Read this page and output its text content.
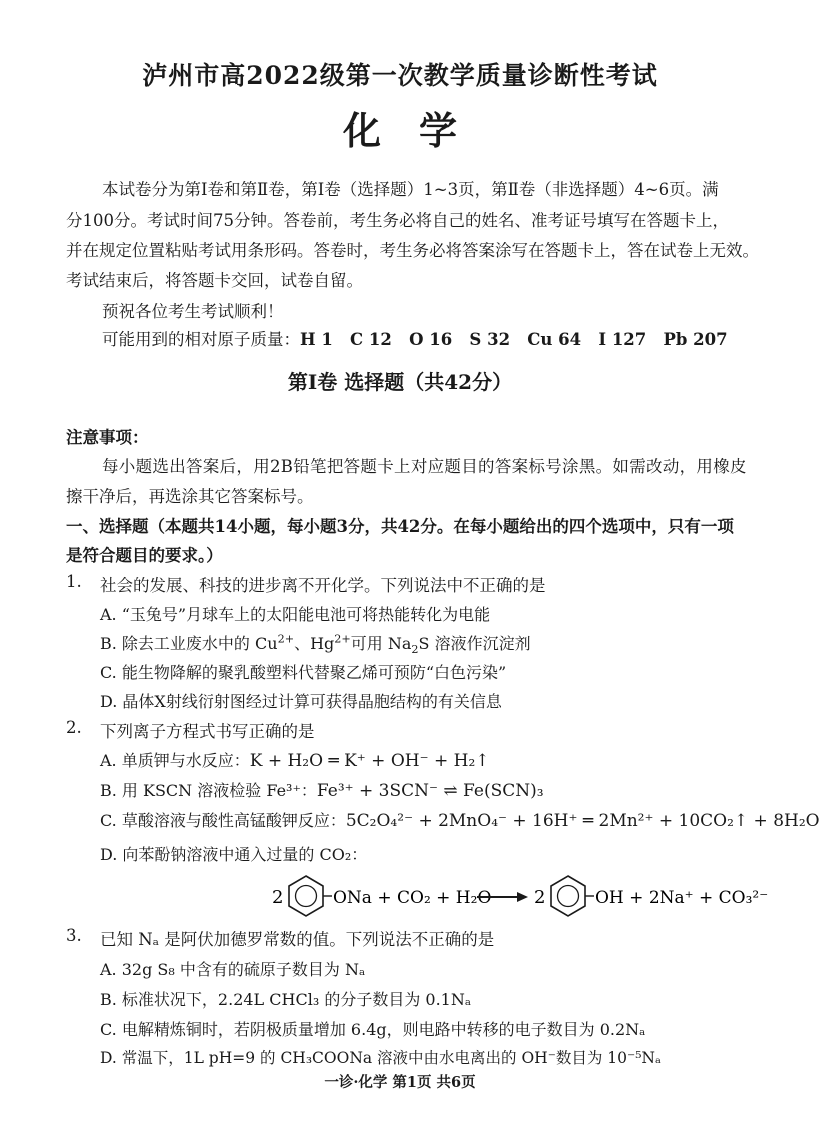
泸州市高2022级第一次教学质量诊断性考试
化学
本试卷分为第Ⅰ卷和第Ⅱ卷，第Ⅰ卷（选择题）1~3页，第Ⅱ卷（非选择题）4~6页。满
分100分。考试时间75分钟。答卷前，考生务必将自己的姓名、准考证号填写在答题卡上，
并在规定位置粘贴考试用条形码。答卷时，考生务必将答案涂写在答题卡上，答在试卷上无效。
考试结束后，将答题卡交回，试卷自留。
预祝各位考生考试顺利！
可能用到的相对原子质量：H 1   C 12   O 16   S 32   Cu 64   I 127   Pb 207
第Ⅰ卷 选择题（共42分）
注意事项：
每小题选出答案后，用2B铅笔把答题卡上对应题目的答案标号涂黑。如需改动，用橡皮
擦干净后，再选涂其它答案标号。
一、选择题（本题共14小题，每小题3分，共42分。在每小题给出的四个选项中，只有一项
是符合题目的要求。）
1. 社会的发展、科技的进步离不开化学。下列说法中不正确的是
A. “玉兔号”月球车上的太阳能电池可将热能转化为电能
B. 除去工业废水中的 $Cu^{2+}$、$Hg^{2+}$可用 $Na_2S$ 溶液作沉淀剂
C. 能生物降解的聚乳酸塑料代替聚乙烯可预防“白色污染”
D. 晶体X射线衍射图经过计算可获得晶胞结构的有关信息
2. 下列离子方程式书写正确的是
A. 单质钾与水反应：K + H₂O ═ K⁺ + OH⁻ + H₂↑
B. 用 KSCN 溶液检验 Fe³⁺：Fe³⁺ + 3SCN⁻ ⇌ Fe(SCN)₃
C. 草酸溶液与酸性高锰酸钾反应：5C₂O₄²⁻ + 2MnO₄⁻ + 16H⁺ ═ 2Mn²⁺ + 10CO₂↑ + 8H₂O
D. 向苯酚钠溶液中通入过量的 CO₂：
2	ONa + CO₂ + H₂O 2	OH + 2Na⁺ + CO₃²⁻
3. 已知 Nₐ 是阿伏加德罗常数的值。下列说法不正确的是
A. 32g S₈ 中含有的硫原子数目为 Nₐ
B. 标准状况下，2.24L CHCl₃ 的分子数目为 0.1Nₐ
C. 电解精炼铜时，若阴极质量增加 6.4g，则电路中转移的电子数目为 0.2Nₐ
D. 常温下，1L pH=9 的 CH₃COONa 溶液中由水电离出的 OH⁻数目为 10⁻⁵Nₐ
一诊·化学 第1页 共6页
